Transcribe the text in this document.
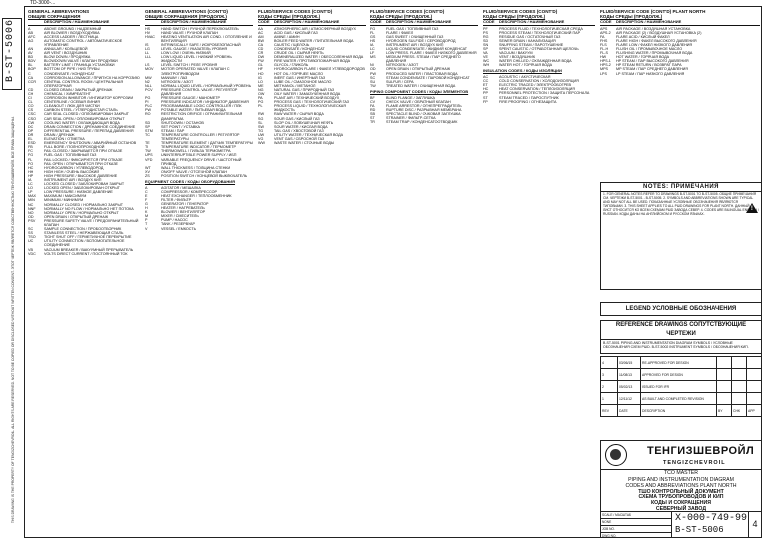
TD-3000-...
B-ST-5006
THIS DRAWING IS THE PROPERTY OF TENGIZCHEVROIL. ALL RIGHTS ARE RESERVED. NOT TO BE COPIED OR DISCLOSED WITHOUT WRITTEN CONSENT. ЭТОТ ЧЕРТЕЖ ЯВЛЯЕТСЯ СОБСТВЕННОСТЬЮ ТЕНГИЗШЕВРОЙЛ. ВСЕ ПРАВА ЗАЩИЩЕНЫ.
GENERAL ABBREVIATIONS
ОБЩИЕ СОКРАЩЕНИЯ
DESCRIPTION / НАИМЕНОВАНИЕ
A	ABOVE GROUND / НАДЗЕМНЫЙ
AB	AIR BLOWER / ВОЗДУХОДУВКА
AFC	ACCESS LADDER / ЛЕСТНИЦА
AG	AUTOMATIC CONTROL / АВТОМАТИЧЕСКОЕ УПРАВЛЕНИЕ
AN	ANNULAR / КОЛЬЦЕВОЙ
AV	AIR VENT / ВОЗДУШНИК
BD	BLOW DOWN / ПРОДУВКА
BDV	BLOWDOWN VALVE / КЛАПАН ПРОДУВКИ
BL	BATTERY LIMIT / ГРАНИЦА УСТАНОВКИ
BOP	BOTTOM OF PIPE / НИЗ ТРУБЫ
C	CONDENSATE / КОНДЕНСАТ
CA	CORROSION ALLOWANCE / ПРИПУСК НА КОРРОЗИЮ
CCR	CENTRAL CONTROL ROOM / ЦЕНТРАЛЬНАЯ ОПЕРАТОРНАЯ
CD	CLOSED DRAIN / ЗАКРЫТЫЙ ДРЕНАЖ
CH	CHEMICAL / ХИМРЕАГЕНТ
CI	CORROSION INHIBITOR / ИНГИБИТОР КОРРОЗИИ
CL	CENTERLINE / ОСЕВАЯ ЛИНИЯ
CO	CLEANOUT / ЛЮК ДЛЯ ЧИСТКИ
CS	CARBON STEEL / УГЛЕРОДИСТАЯ СТАЛЬ
CSC	CAR SEAL CLOSED / ОПЛОМБИРОВАН ЗАКРЫТ
CSO	CAR SEAL OPEN / ОПЛОМБИРОВАН ОТКРЫТ
CW	COOLING WATER / ОХЛАЖДАЮЩАЯ ВОДА
DC	DRAIN CONNECTION / ДРЕНАЖНОЕ СОЕДИНЕНИЕ
DP	DIFFERENTIAL PRESSURE / ПЕРЕПАД ДАВЛЕНИЯ
DR	DRAIN / ДРЕНАЖ
EL	ELEVATION / ОТМЕТКА
ESD	EMERGENCY SHUTDOWN / АВАРИЙНЫЙ ОСТАНОВ
FB	FULL BORE / ПОЛНОПРОХОДНОЙ
FC	FAIL CLOSED / ЗАКРЫВАЕТСЯ ПРИ ОТКАЗЕ
FG	FUEL GAS / ТОПЛИВНЫЙ ГАЗ
FL	FAIL LOCKED / ФИКСИРУЕТСЯ ПРИ ОТКАЗЕ
FO	FAIL OPEN / ОТКРЫВАЕТСЯ ПРИ ОТКАЗЕ
HC	HYDROCARBON / УГЛЕВОДОРОД
HH	HIGH HIGH / ОЧЕНЬ ВЫСОКИЙ
HP	HIGH PRESSURE / ВЫСОКОЕ ДАВЛЕНИЕ
IA	INSTRUMENT AIR / ВОЗДУХ КИП
LC	LOCKED CLOSED / ЗАБЛОКИРОВАН ЗАКРЫТ
LO	LOCKED OPEN / ЗАБЛОКИРОВАН ОТКРЫТ
LP	LOW PRESSURE / НИЗКОЕ ДАВЛЕНИЕ
MAX	MAXIMUM / МАКСИМУМ
MIN	MINIMUM / МИНИМУМ
NC	NORMALLY CLOSED / НОРМАЛЬНО ЗАКРЫТ
NNF	NORMALLY NO FLOW / НОРМАЛЬНО НЕТ ПОТОКА
NO	NORMALLY OPEN / НОРМАЛЬНО ОТКРЫТ
OD	OPEN DRAIN / ОТКРЫТЫЙ ДРЕНАЖ
PSV	PRESSURE SAFETY VALVE / ПРЕДОХРАНИТЕЛЬНЫЙ КЛАПАН
SC	SAMPLE CONNECTION / ПРОБООТБОРНИК
SS	STAINLESS STEEL / НЕРЖАВЕЮЩАЯ СТАЛЬ
TSO	TIGHT SHUT OFF / ГЕРМЕТИЧНОЕ ПЕРЕКРЫТИЕ
UC	UTILITY CONNECTION / ВСПОМОГАТЕЛЬНОЕ СОЕДИНЕНИЕ
VB	VACUUM BREAKER / ВАКУУМНЫЙ ПРЕРЫВАТЕЛЬ
VDC	VOLTS DIRECT CURRENT / ПОСТОЯННЫЙ ТОК
GENERAL ABBREVIATIONS (CONT'D)
ОБЩИЕ СОКРАЩЕНИЯ (ПРОДОЛЖ.)
DESCRIPTION / НАИМЕНОВАНИЕ
HS	HAND SWITCH / РУЧНОЙ ПЕРЕКЛЮЧАТЕЛЬ
HV	HAND VALVE / РУЧНОЙ КЛАПАН
HVAC	HEATING VENTILATION AIR COND. / ОТОПЛЕНИЕ И ВЕНТИЛЯЦИЯ
IS	INTRINSICALLY SAFE / ИСКРОБЕЗОПАСНЫЙ
LG	LEVEL GAUGE / УКАЗАТЕЛЬ УРОВНЯ
LL	LOW LOW / ОЧЕНЬ НИЗКИЙ
LLL	LOW LIQUID LEVEL / НИЗКИЙ УРОВЕНЬ ЖИДКОСТИ
LS	LEVEL SWITCH / РЕЛЕ УРОВНЯ
MOV	MOTOR OPERATED VALVE / КЛАПАН С ЭЛЕКТРОПРИВОДОМ
MW	MANWAY / ЛАЗ
N2	NITROGEN / АЗОТ
NLL	NORMAL LIQUID LEVEL / НОРМАЛЬНЫЙ УРОВЕНЬ
PCV	PRESSURE CONTROL VALVE / РЕГУЛЯТОР ДАВЛЕНИЯ
PG	PRESSURE GAUGE / МАНОМЕТР
PI	PRESSURE INDICATOR / ИНДИКАТОР ДАВЛЕНИЯ
PLC	PROGRAMMABLE LOGIC CONTROLLER / ПЛК
PW	POTABLE WATER / ПИТЬЕВАЯ ВОДА
RO	RESTRICTION ORIFICE / ОГРАНИЧИТЕЛЬНАЯ ДИАФРАГМА
SD	SHUTDOWN / ОСТАНОВ
SP	SET POINT / УСТАВКА
STM	STEAM / ПАР
TC	TEMPERATURE CONTROLLER / РЕГУЛЯТОР ТЕМПЕРАТУРЫ
TE	TEMPERATURE ELEMENT / ДАТЧИК ТЕМПЕРАТУРЫ
TI	TEMPERATURE INDICATOR / ТЕРМОМЕТР
TW	THERMOWELL / ГИЛЬЗА ТЕРМОМЕТРА
UPS	UNINTERRUPTIBLE POWER SUPPLY / ИБП
VFD	VARIABLE FREQUENCY DRIVE / ЧАСТОТНЫЙ ПРИВОД
WT	WALL THICKNESS / ТОЛЩИНА СТЕНКИ
XV	ON/OFF VALVE / ОТСЕЧНОЙ КЛАПАН
ZS	POSITION SWITCH / КОНЦЕВОЙ ВЫКЛЮЧАТЕЛЬ
EQUIPMENT CODES / КОДЫ ОБОРУДОВАНИЯ
A	AGITATOR / МЕШАЛКА
C	COMPRESSOR / КОМПРЕССОР
E	HEAT EXCHANGER / ТЕПЛООБМЕННИК
F	FILTER / ФИЛЬТР
G	GENERATOR / ГЕНЕРАТОР
H	HEATER / НАГРЕВАТЕЛЬ
K	BLOWER / ВЕНТИЛЯТОР
M	MIXER / СМЕСИТЕЛЬ
P	PUMP / НАСОС
T	TANK / РЕЗЕРВУАР
V	VESSEL / ЕМКОСТЬ
FLUID/SERVICE CODES (CONT'D)
КОДЫ СРЕДЫ (ПРОДОЛЖ.)
CODE	DESCRIPTION / НАИМЕНОВАНИЕ
AA	ATMOSPHERIC AIR / АТМОСФЕРНЫЙ ВОЗДУХ
AC	ACID GAS / КИСЛЫЙ ГАЗ
AM	AMINE / АМИН
BW	BOILER FEED WATER / ПИТАТЕЛЬНАЯ ВОДА
CA	CAUSTIC / ЩЕЛОЧЬ
CD	CONDENSATE / КОНДЕНСАТ
CR	CRUDE OIL / СЫРАЯ НЕФТЬ
DW	DEMINERALIZED WATER / ОБЕССОЛЕННАЯ ВОДА
FW	FIRE WATER / ПРОТИВОПОЖАРНАЯ ВОДА
GL	GLYCOL / ГЛИКОЛЬ
HF	HYDROCARBON FLARE / ФАКЕЛ УГЛЕВОДОРОДОВ
HO	HOT OIL / ГОРЯЧЕЕ МАСЛО
IG	INERT GAS / ИНЕРТНЫЙ ГАЗ
LO	LUBE OIL / СМАЗОЧНОЕ МАСЛО
ME	METHANOL / МЕТАНОЛ
NG	NATURAL GAS / ПРИРОДНЫЙ ГАЗ
OW	OILY WATER / ЗАМАЗУЧЕННАЯ ВОДА
PA	PLANT AIR / ТЕХНИЧЕСКИЙ ВОЗДУХ
PG	PROCESS GAS / ТЕХНОЛОГИЧЕСКИЙ ГАЗ
PL	PROCESS LIQUID / ТЕХНОЛОГИЧЕСКАЯ ЖИДКОСТЬ
RW	RAW WATER / СЫРАЯ ВОДА
SG	SOUR GAS / КИСЛЫЙ ГАЗ
SL	SLOP OIL / ЛОВУШЕЧНАЯ НЕФТЬ
SW	SOUR WATER / КИСЛАЯ ВОДА
TG	TAIL GAS / ХВОСТОВОЙ ГАЗ
UW	UTILITY WATER / ТЕХНИЧЕСКАЯ ВОДА
VG	VENT GAS / СБРОСНОЙ ГАЗ
WW	WASTE WATER / СТОЧНЫЕ ВОДЫ
FLUID/SERVICE CODES (CONT'D)
КОДЫ СРЕДЫ (ПРОДОЛЖ.)
CODE	DESCRIPTION / НАИМЕНОВАНИЕ
FG	FUEL GAS / ТОПЛИВНЫЙ ГАЗ
FL	FLARE / ФАКЕЛ
GS	GAS SWEET / ОЧИЩЕННЫЙ ГАЗ
HS	HYDROGEN SULFIDE / СЕРОВОДОРОД
IA	INSTRUMENT AIR / ВОЗДУХ КИП
LC	LIQUID CONDENSATE / ЖИДКИЙ КОНДЕНСАТ
LF	LOW PRESS. FLARE / ФАКЕЛ НИЗКОГО ДАВЛЕНИЯ
MS	MEDIUM PRESS. STEAM / ПАР СРЕДНЕГО ДАВЛЕНИЯ
NI	NITROGEN / АЗОТ
OD	OPEN DRAIN / ОТКРЫТЫЙ ДРЕНАЖ
PW	PRODUCED WATER / ПЛАСТОВАЯ ВОДА
SC	STEAM CONDENSATE / ПАРОВОЙ КОНДЕНСАТ
SU	SULFUR / СЕРА
TW	TREATED WATER / ОЧИЩЕННАЯ ВОДА
PIPING COMPONENT CODES / КОДЫ ЭЛЕМЕНТОВ
BF	BLIND FLANGE / ЗАГЛУШКА
CV	CHECK VALVE / ОБРАТНЫЙ КЛАПАН
FA	FLAME ARRESTOR / ОГНЕПРЕГРАДИТЕЛЬ
RD	RUPTURE DISC / РАЗРЫВНАЯ МЕМБРАНА
SB	SPECTACLE BLIND / ОЧКОВАЯ ЗАГЛУШКА
ST	STRAINER / ФИЛЬТР-СЕТКА
TR	STEAM TRAP / КОНДЕНСАТООТВОДЧИК
FLUID/SERVICE CODES (CONT'D)
КОДЫ СРЕДЫ (ПРОДОЛЖ.)
CODE	DESCRIPTION / НАИМЕНОВАНИЕ
PF	PROCESS FLUID / ТЕХНОЛОГИЧЕСКАЯ СРЕДА
PS	PROCESS STEAM / ТЕХНОЛОГИЧЕСКИЙ ПАР
RG	RESIDUE GAS / ОСТАТОЧНЫЙ ГАЗ
SD	SEWER DRAIN / КАНАЛИЗАЦИЯ
SN	SNUFFING STEAM / ПАРОТУШЕНИЕ
SP	SPENT CAUSTIC / ОТРАБОТАННАЯ ЩЕЛОЧЬ
VA	VACUUM / ВАКУУМ
VE	VENT / ВОЗДУШНИК
WC	WATER CHILLED / ОХЛАЖДЕННАЯ ВОДА
WH	WATER HOT / ГОРЯЧАЯ ВОДА
INSULATION CODES / КОДЫ ИЗОЛЯЦИИ
AC	ACOUSTIC / АКУСТИЧЕСКАЯ
CC	COLD CONSERVATION / ХОЛОДОИЗОЛЯЦИЯ
ET	ELECTRIC TRACED / ЭЛЕКТРООБОГРЕВ
HC	HEAT CONSERVATION / ТЕПЛОИЗОЛЯЦИЯ
PP	PERSONNEL PROTECTION / ЗАЩИТА ПЕРСОНАЛА
ST	STEAM TRACED / ПАРОСПУТНИК
FP	FIRE PROOFING / ОГНЕЗАЩИТА
FLUID/SERVICE CODE (CONT'D) PLANT NORTH
КОДЫ СРЕДЫ (ПРОДОЛЖ.)
CODE	DESCRIPTION / НАИМЕНОВАНИЕ
APS	AIR PACKAGE / ВОЗДУШНАЯ УСТАНОВКА
APS-2	AIR PACKAGE (2) / ВОЗДУШНАЯ УСТАНОВКА (2)
FA	FLARE ACID / КИСЛЫЙ ФАКЕЛ
FHS	FLARE HIGH / ФАКЕЛ ВЫСОКОГО ДАВЛЕНИЯ
FLS	FLARE LOW / ФАКЕЛ НИЗКОГО ДАВЛЕНИЯ
FL-H	FLUSH OIL / ПРОМЫВОЧНОЕ МАСЛО
FL-S	FLUSHING WATER / ПРОМЫВОЧНАЯ ВОДА
HW	HOT WATER / ГОРЯЧАЯ ВОДА
HPS-1	HP STEAM / ПАР ВЫСОКОГО ДАВЛЕНИЯ
HPS-2	HP STEAM RETURN / ВОЗВРАТ ПАРА
MPS	MP STEAM / ПАР СРЕДНЕГО ДАВЛЕНИЯ
LPS	LP STEAM / ПАР НИЗКОГО ДАВЛЕНИЯ
NOTES: ПРИМЕЧАНИЯ
1. FOR GENERAL NOTES REFER TO DRAWINGS B-ST-5001 TO B-ST-5005. ОБЩИЕ ПРИМЕЧАНИЯ СМ. ЧЕРТЕЖИ B-ST-5001 - B-ST-5005. 2. SYMBOLS AND ABBREVIATIONS SHOWN ARE TYPICAL AND MAY NOT ALL BE USED. ПОКАЗАННЫЕ УСЛОВНЫЕ ОБОЗНАЧЕНИЯ ЯВЛЯЮТСЯ ТИПОВЫМИ. 3. THIS SHEET APPLIES TO ALL P&ID DRAWINGS FOR PLANT NORTH. ДАННЫЙ ЛИСТ ОТНОСИТСЯ КО ВСЕМ СХЕМАМ P&ID ЗАВОДА СЕВЕР. 4. CODES ARE BILINGUAL ENGLISH / RUSSIAN. КОДЫ ДАНЫ НА АНГЛИЙСКОМ И РУССКОМ ЯЗЫКАХ.
!
LEGEND УСЛОВНЫЕ ОБОЗНАЧЕНИЯ
REFERENCE DRAWINGS СОПУТСТВУЮЩИЕ ЧЕРТЕЖИ
B-ST-5001 PIPING AND INSTRUMENTATION DIAGRAM SYMBOLS / УСЛОВНЫЕ ОБОЗНАЧЕНИЯ СХЕМ P&ID. B-ST-5002 INSTRUMENT SYMBOLS / ОБОЗНАЧЕНИЯ КИП.
4	03/06/15	RE-APPROVED FOR DESIGN			
3	11/08/13	APPROVED FOR DESIGN			
2	05/02/13	ISSUED FOR IFR			
1	12/11/12	AS BUILT AND COMPLETED REVISION			
REV	DATE	DESCRIPTION	BY	CHK	APP
ТЕНГИЗШЕВРОЙЛ
TENGIZCHEVROIL
TCO MASTER
PIPING AND INSTRUMENTATION DIAGRAM
CODES AND ABBREVIATIONS PLANT NORTH
ТШО КОНТРОЛЬНЫЙ ДОКУМЕНТ
СХЕМА ТРУБОПРОВОДОВ И КИП
КОДЫ И СОКРАЩЕНИЯ
СЕВЕРНЫЙ ЗАВОД
SCALE / МАСШТАБ
NONE
JOB NO.
DWG NO.
X-000-749-99
B-ST-5006
4
